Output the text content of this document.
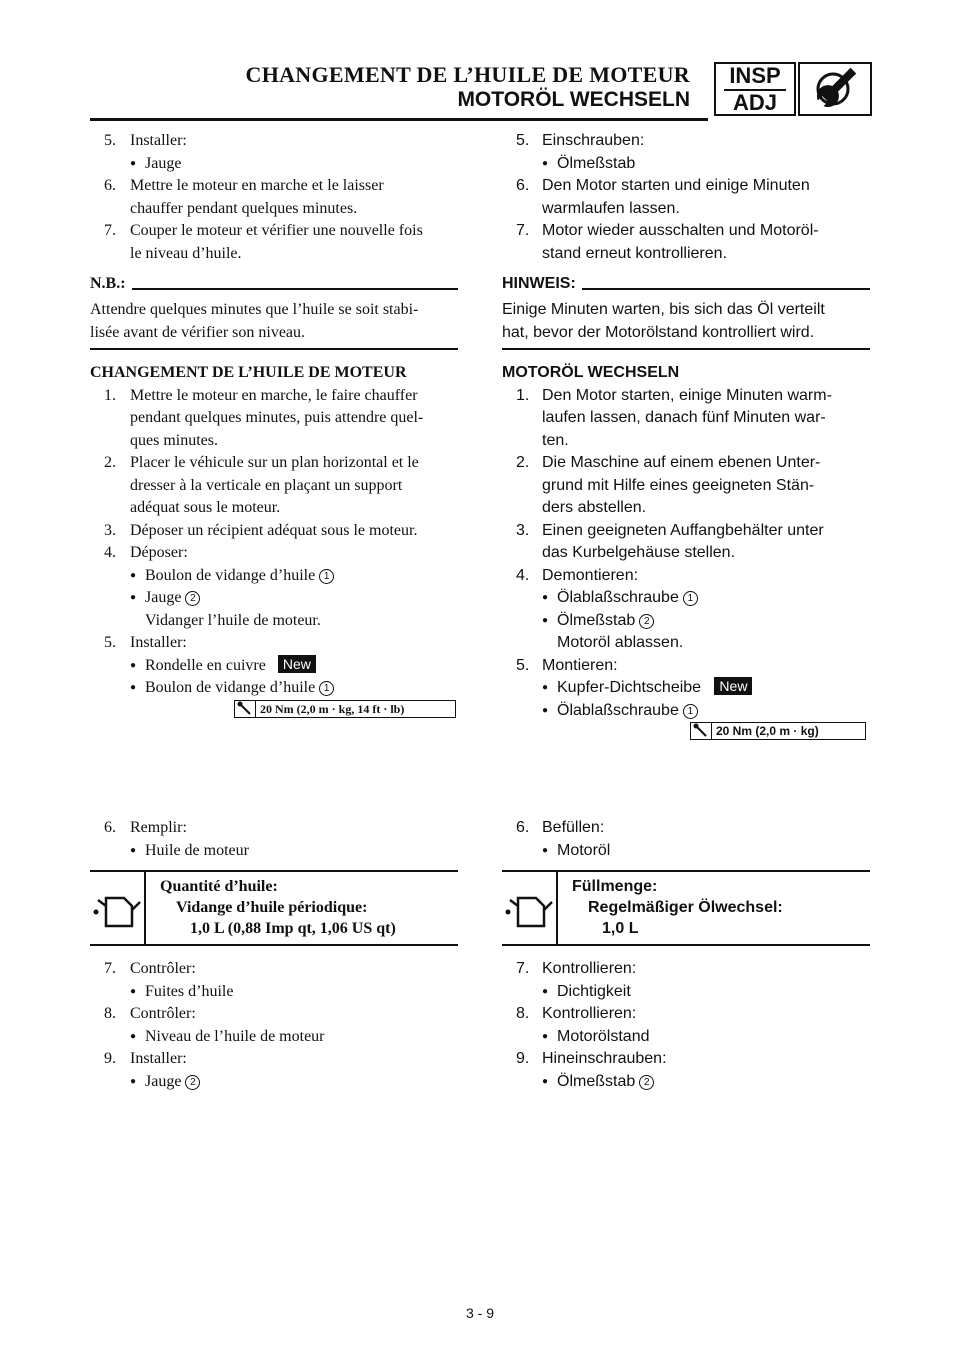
CHANGEMENT DE L’HUILE DE MOTEUR
MOTORÖL WECHSELN
INSP
ADJ
5. Installer:
● Jauge
6. Mettre le moteur en marche et le laisser
chauffer pendant quelques minutes.
7. Couper le moteur et vérifier une nouvelle fois
le niveau d’huile.
N.B.:
Attendre quelques minutes que l’huile se soit stabi-
lisée avant de vérifier son niveau.
CHANGEMENT DE L’HUILE DE MOTEUR
1. Mettre le moteur en marche, le faire chauffer
pendant quelques minutes, puis attendre quel-
ques minutes.
2. Placer le véhicule sur un plan horizontal et le
dresser à la verticale en plaçant un support
adéquat sous le moteur.
3. Déposer un récipient adéquat sous le moteur.
4. Déposer:
● Boulon de vidange d’huile 1
● Jauge 2
Vidanger l’huile de moteur.
5. Installer:
● Rondelle en cuivre New
● Boulon de vidange d’huile 1
20 Nm (2,0 m · kg, 14 ft · lb)
6. Remplir:
● Huile de moteur
Quantité d’huile:
Vidange d’huile périodique:
1,0 L (0,88 Imp qt, 1,06 US qt)
7. Contrôler:
● Fuites d’huile
8. Contrôler:
● Niveau de l’huile de moteur
9. Installer:
● Jauge 2
5. Einschrauben:
● Ölmeßstab
6. Den Motor starten und einige Minuten
warmlaufen lassen.
7. Motor wieder ausschalten und Motoröl-
stand erneut kontrollieren.
HINWEIS:
Einige Minuten warten, bis sich das Öl verteilt
hat, bevor der Motorölstand kontrolliert wird.
MOTORÖL WECHSELN
1. Den Motor starten, einige Minuten warm-
laufen lassen, danach fünf Minuten war-
ten.
2. Die Maschine auf einem ebenen Unter-
grund mit Hilfe eines geeigneten Stän-
ders abstellen.
3. Einen geeigneten Auffangbehälter unter
das Kurbelgehäuse stellen.
4. Demontieren:
● Ölablaßschraube 1
● Ölmeßstab 2
Motoröl ablassen.
5. Montieren:
● Kupfer-Dichtscheibe New
● Ölablaßschraube 1
20 Nm (2,0 m · kg)
6. Befüllen:
● Motoröl
Füllmenge:
Regelmäßiger Ölwechsel:
1,0 L
7. Kontrollieren:
● Dichtigkeit
8. Kontrollieren:
● Motorölstand
9. Hineinschrauben:
● Ölmeßstab 2
3 - 9
